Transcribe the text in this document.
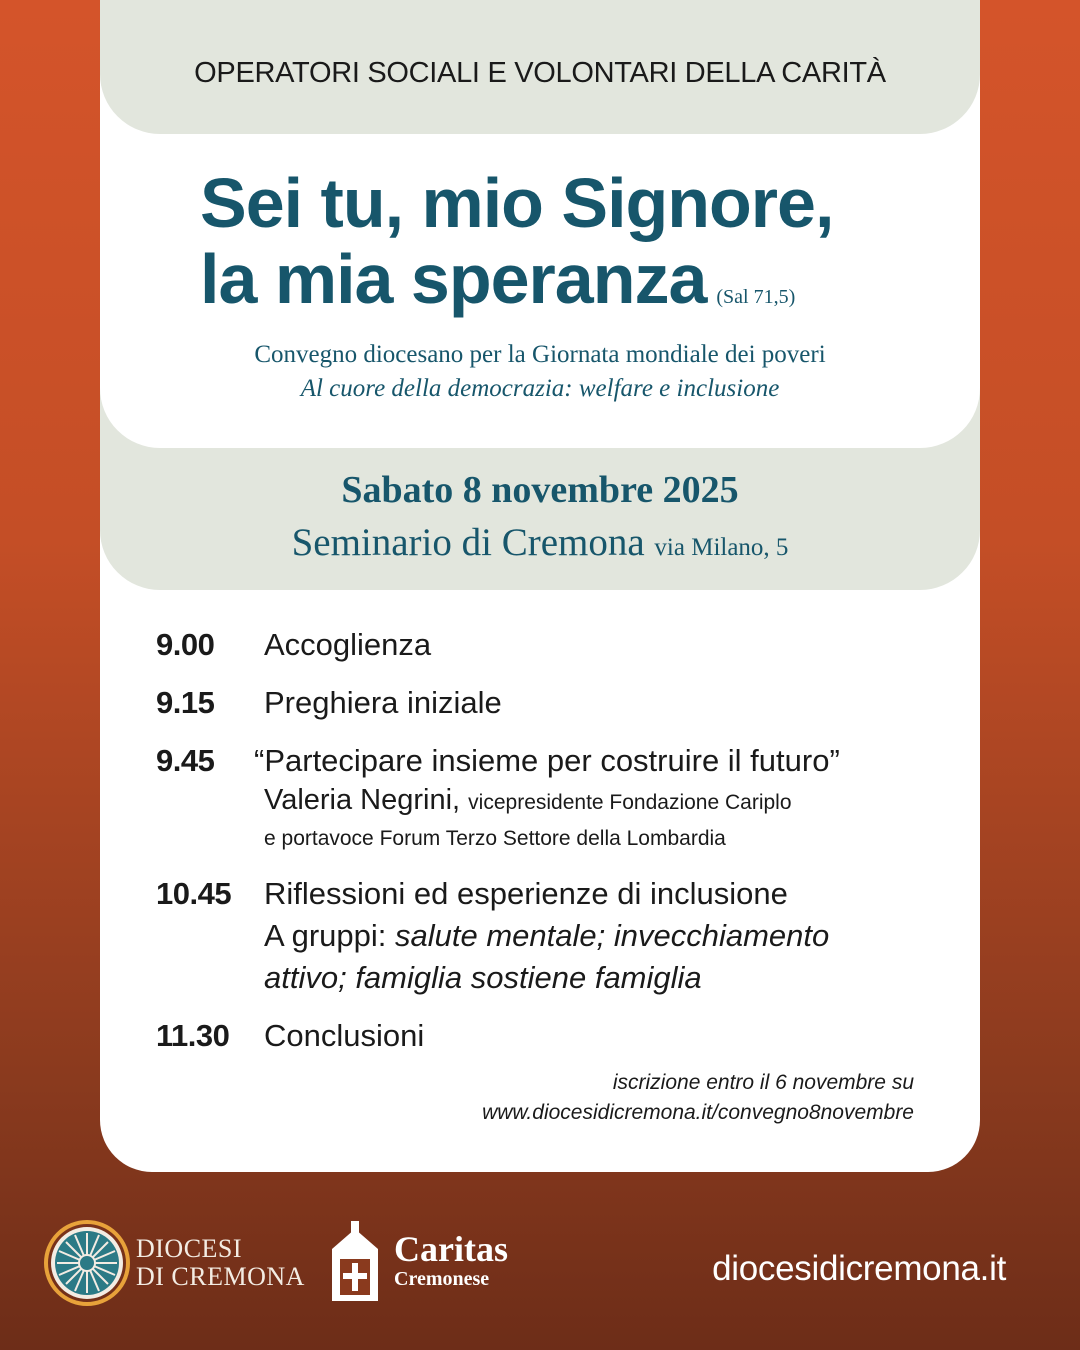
OPERATORI SOCIALI E VOLONTARI DELLA CARITÀ
Sei tu, mio Signore,
la mia speranza (Sal 71,5)
Convegno diocesano per la Giornata mondiale dei poveri
Al cuore della democrazia: welfare e inclusione
Sabato 8 novembre 2025
Seminario di Cremona via Milano, 5
9.00	Accoglienza
9.15	Preghiera iniziale
9.45	“Partecipare insieme per costruire il futuro”
Valeria Negrini, vicepresidente Fondazione Cariplo
e portavoce Forum Terzo Settore della Lombardia
10.45	Riflessioni ed esperienze di inclusione
A gruppi: salute mentale; invecchiamento
attivo; famiglia sostiene famiglia
11.30	Conclusioni
iscrizione entro il 6 novembre su
www.diocesidicremona.it/convegno8novembre
DIOCESI
DI CREMONA
Caritas
Cremonese	diocesidicremona.it
